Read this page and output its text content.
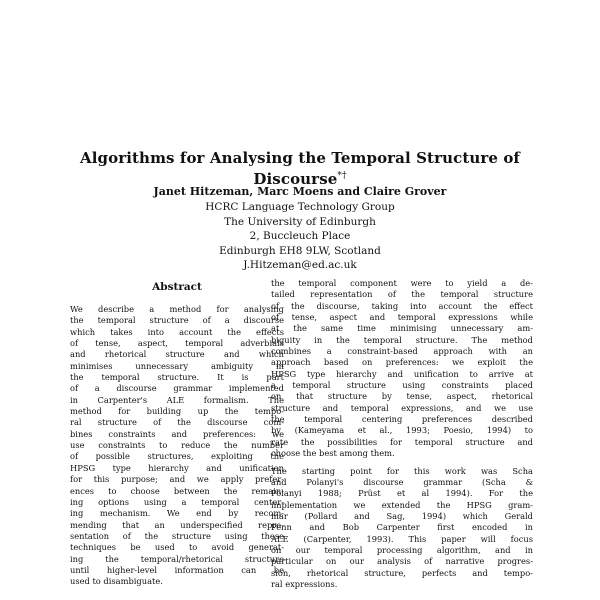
Algorithms for Analysing the Temporal Structure of
Discourse*†
Janet Hitzeman, Marc Moens and Claire Grover
HCRC Language Technology Group
The University of Edinburgh
2, Buccleuch Place
Edinburgh EH8 9LW, Scotland
J.Hitzeman@ed.ac.uk
Abstract
We describe a method for analysing
the temporal structure of a discourse
which takes into account the effects
of tense, aspect, temporal adverbials
and rhetorical structure and which
minimises unnecessary ambiguity in
the temporal structure. It is part
of a discourse grammar implemented
in Carpenter's ALE formalism. The
method for building up the tempo-
ral structure of the discourse com-
bines constraints and preferences: we
use constraints to reduce the number
of possible structures, exploiting the
HPSG type hierarchy and unification
for this purpose; and we apply prefer-
ences to choose between the remain-
ing options using a temporal center-
ing mechanism. We end by recom-
mending that an underspecified repre-
sentation of the structure using these
techniques be used to avoid generat-
ing the temporal/rhetorical structure
until higher-level information can be
used to disambiguate.
the temporal component were to yield a de-
tailed representation of the temporal structure
of the discourse, taking into account the effect
of tense, aspect and temporal expressions while
at the same time minimising unnecessary am-
biguity in the temporal structure. The method
combines a constraint-based approach with an
approach based on preferences: we exploit the
HPSG type hierarchy and unification to arrive at
a temporal structure using constraints placed
on that structure by tense, aspect, rhetorical
structure and temporal expressions, and we use
the temporal centering preferences described
by (Kameyama et al., 1993; Poesio, 1994) to
rate the possibilities for temporal structure and
choose the best among them.
The starting point for this work was Scha
and Polanyi's discourse grammar (Scha &
Polanyi 1988; Prüst et al 1994). For the
implementation we extended the HPSG gram-
mar (Pollard and Sag, 1994) which Gerald
Penn and Bob Carpenter first encoded in
ALE (Carpenter, 1993). This paper will focus
on our temporal processing algorithm, and in
particular on our analysis of narrative progres-
sion, rhetorical structure, perfects and tempo-
ral expressions.
